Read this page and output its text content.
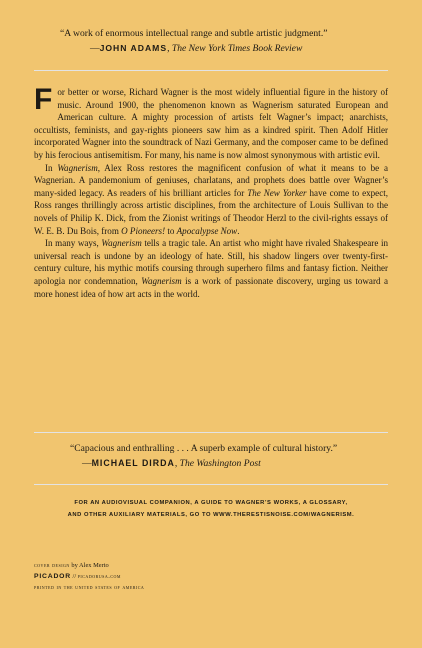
“A work of enormous intellectual range and subtle artistic judgment.”
—JOHN ADAMS, The New York Times Book Review

For better or worse, Richard Wagner is the most widely influential figure in the history of music. Around 1900, the phenomenon known as Wagnerism saturated European and American culture. A mighty procession of artists felt Wagner’s impact; anarchists, occultists, feminists, and gay-rights pioneers saw him as a kindred spirit. Then Adolf Hitler incorporated Wagner into the soundtrack of Nazi Germany, and the composer came to be defined by his ferocious antisemitism. For many, his name is now almost synonymous with artistic evil.

In Wagnerism, Alex Ross restores the magnificent confusion of what it means to be a Wagnerian. A pandemonium of geniuses, charlatans, and prophets does battle over Wagner’s many-sided legacy. As readers of his brilliant articles for The New Yorker have come to expect, Ross ranges thrillingly across artistic disciplines, from the architecture of Louis Sullivan to the novels of Philip K. Dick, from the Zionist writings of Theodor Herzl to the civil-rights essays of W. E. B. Du Bois, from O Pioneers! to Apocalypse Now.

In many ways, Wagnerism tells a tragic tale. An artist who might have rivaled Shakespeare in universal reach is undone by an ideology of hate. Still, his shadow lingers over twenty-first-century culture, his mythic motifs coursing through superhero films and fantasy fiction. Neither apologia nor condemnation, Wagnerism is a work of passionate discovery, urging us toward a more honest idea of how art acts in the world.

“Capacious and enthralling . . . A superb example of cultural history.”
—MICHAEL DIRDA, The Washington Post
FOR AN AUDIOVISUAL COMPANION, A GUIDE TO WAGNER’S WORKS, A GLOSSARY,
AND OTHER AUXILIARY MATERIALS, GO TO WWW.THERESTISNOISE.COM/WAGNERISM.
cover design by Alex Merto
PICADOR // picadorusa.com
printed in the united states of america
